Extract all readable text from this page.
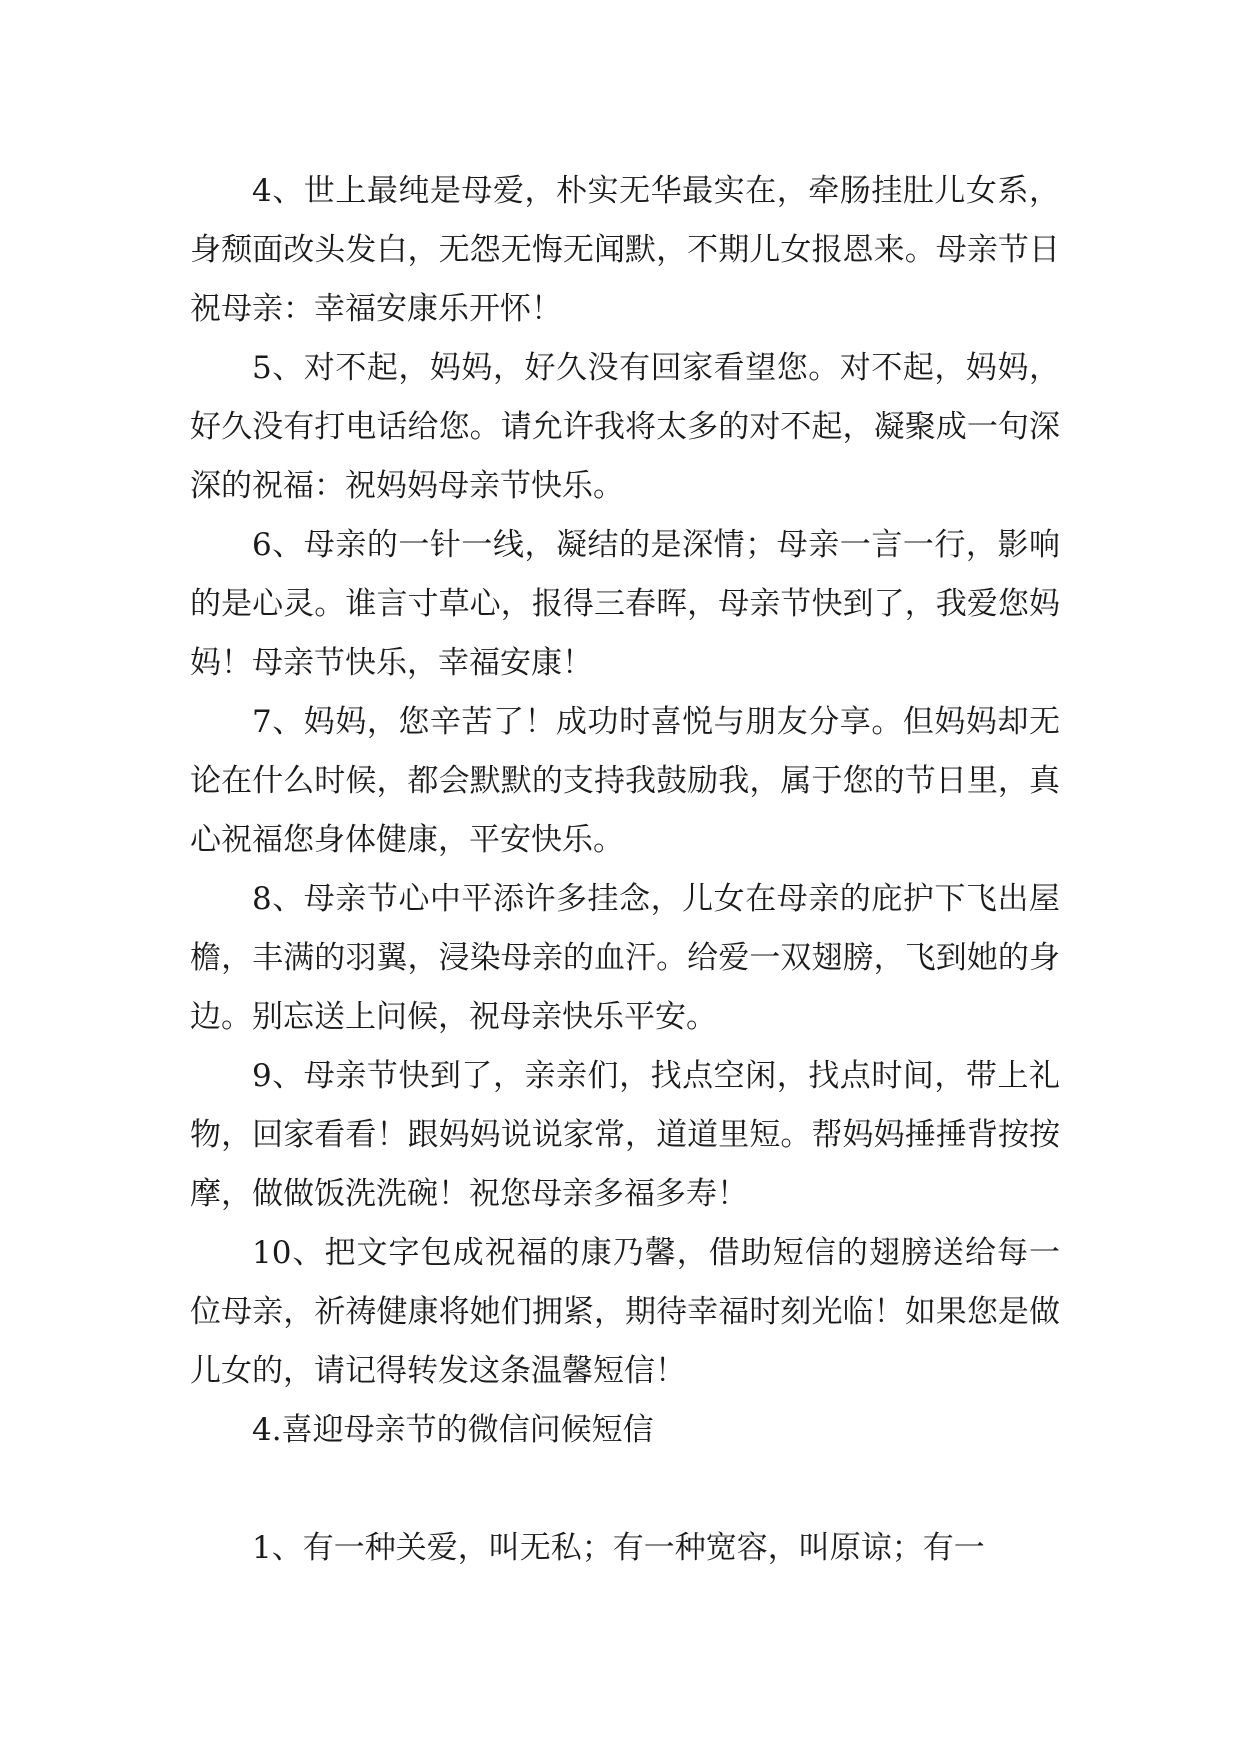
4、世上最纯是母爱，朴实无华最实在，牵肠挂肚儿女系，身颓面改头发白，无怨无悔无闻默，不期儿女报恩来。母亲节日祝母亲：幸福安康乐开怀！

5、对不起，妈妈，好久没有回家看望您。对不起，妈妈，好久没有打电话给您。请允许我将太多的对不起，凝聚成一句深深的祝福：祝妈妈母亲节快乐。

6、母亲的一针一线，凝结的是深情；母亲一言一行，影响的是心灵。谁言寸草心，报得三春晖，母亲节快到了，我爱您妈妈！母亲节快乐，幸福安康！

7、妈妈，您辛苦了！成功时喜悦与朋友分享。但妈妈却无论在什么时候，都会默默的支持我鼓励我，属于您的节日里，真心祝福您身体健康，平安快乐。

8、母亲节心中平添许多挂念，儿女在母亲的庇护下飞出屋檐，丰满的羽翼，浸染母亲的血汗。给爱一双翅膀，飞到她的身边。别忘送上问候，祝母亲快乐平安。

9、母亲节快到了，亲亲们，找点空闲，找点时间，带上礼物，回家看看！跟妈妈说说家常，道道里短。帮妈妈捶捶背按按摩，做做饭洗洗碗！祝您母亲多福多寿！

10、把文字包成祝福的康乃馨，借助短信的翅膀送给每一位母亲，祈祷健康将她们拥紧，期待幸福时刻光临！如果您是做儿女的，请记得转发这条温馨短信！

4.喜迎母亲节的微信问候短信

1、有一种关爱，叫无私；有一种宽容，叫原谅；有一
